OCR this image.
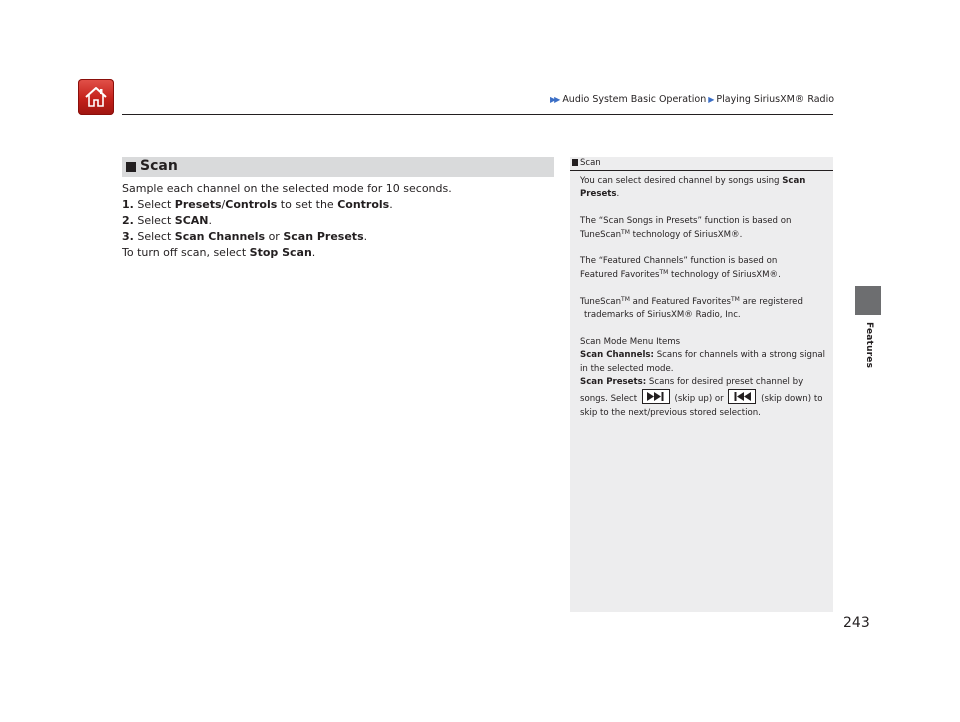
▶▶ Audio System Basic Operation ▶ Playing SiriusXM® Radio
Features
Scan

Sample each channel on the selected mode for 10 seconds.

1. Select Presets/Controls to set the Controls.

2. Select SCAN.

3. Select Scan Channels or Scan Presets.

To turn off scan, select Stop Scan.

Scan

You can select desired channel by songs using Scan Presets.

The “Scan Songs in Presets” function is based on
TuneScan™ technology of SiriusXM®.

The “Featured Channels” function is based on
Featured Favorites™ technology of SiriusXM®.

TuneScan™ and Featured Favorites™ are registered
trademarks of SiriusXM® Radio, Inc.

Scan Mode Menu Items

Scan Channels: Scans for channels with a strong signal in the selected mode.

Scan Presets: Scans for desired preset channel by
songs. Select	(skip up) or	(skip down) to
skip to the next/previous stored selection.

243
